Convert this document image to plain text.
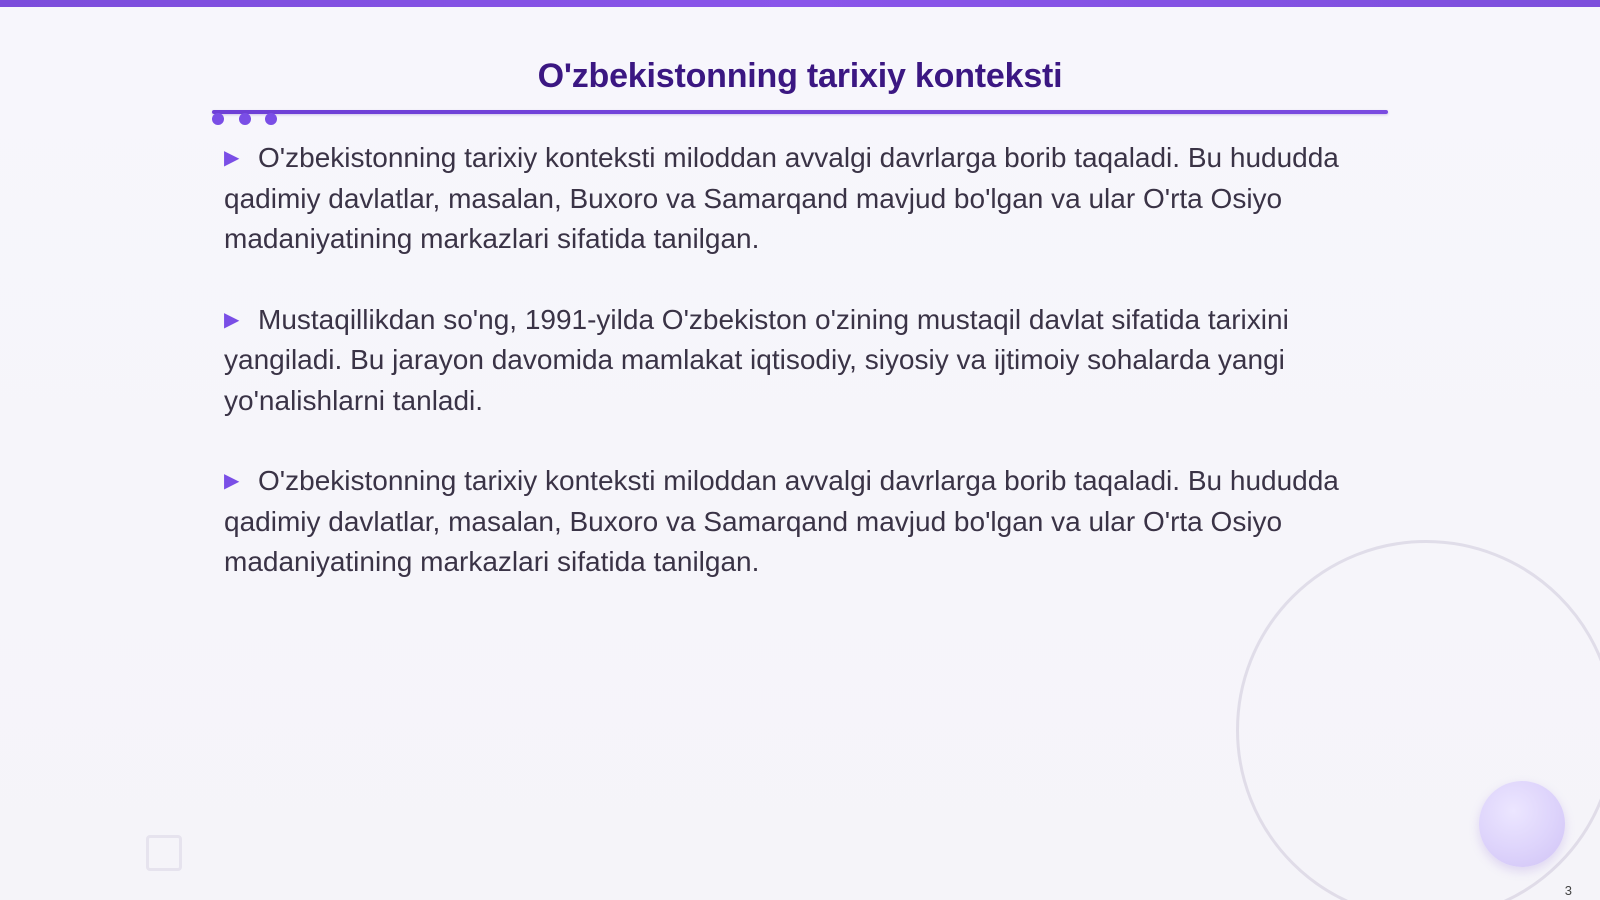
O'zbekistonning tarixiy konteksti

▶ O'zbekistonning tarixiy konteksti miloddan avvalgi davrlarga borib taqaladi. Bu hududda qadimiy davlatlar, masalan, Buxoro va Samarqand mavjud bo'lgan va ular O'rta Osiyo madaniyatining markazlari sifatida tanilgan.

▶ Mustaqillikdan so'ng, 1991-yilda O'zbekiston o'zining mustaqil davlat sifatida tarixini yangiladi. Bu jarayon davomida mamlakat iqtisodiy, siyosiy va ijtimoiy sohalarda yangi yo'nalishlarni tanladi.

▶ O'zbekistonning tarixiy konteksti miloddan avvalgi davrlarga borib taqaladi. Bu hududda qadimiy davlatlar, masalan, Buxoro va Samarqand mavjud bo'lgan va ular O'rta Osiyo madaniyatining markazlari sifatida tanilgan.

3
